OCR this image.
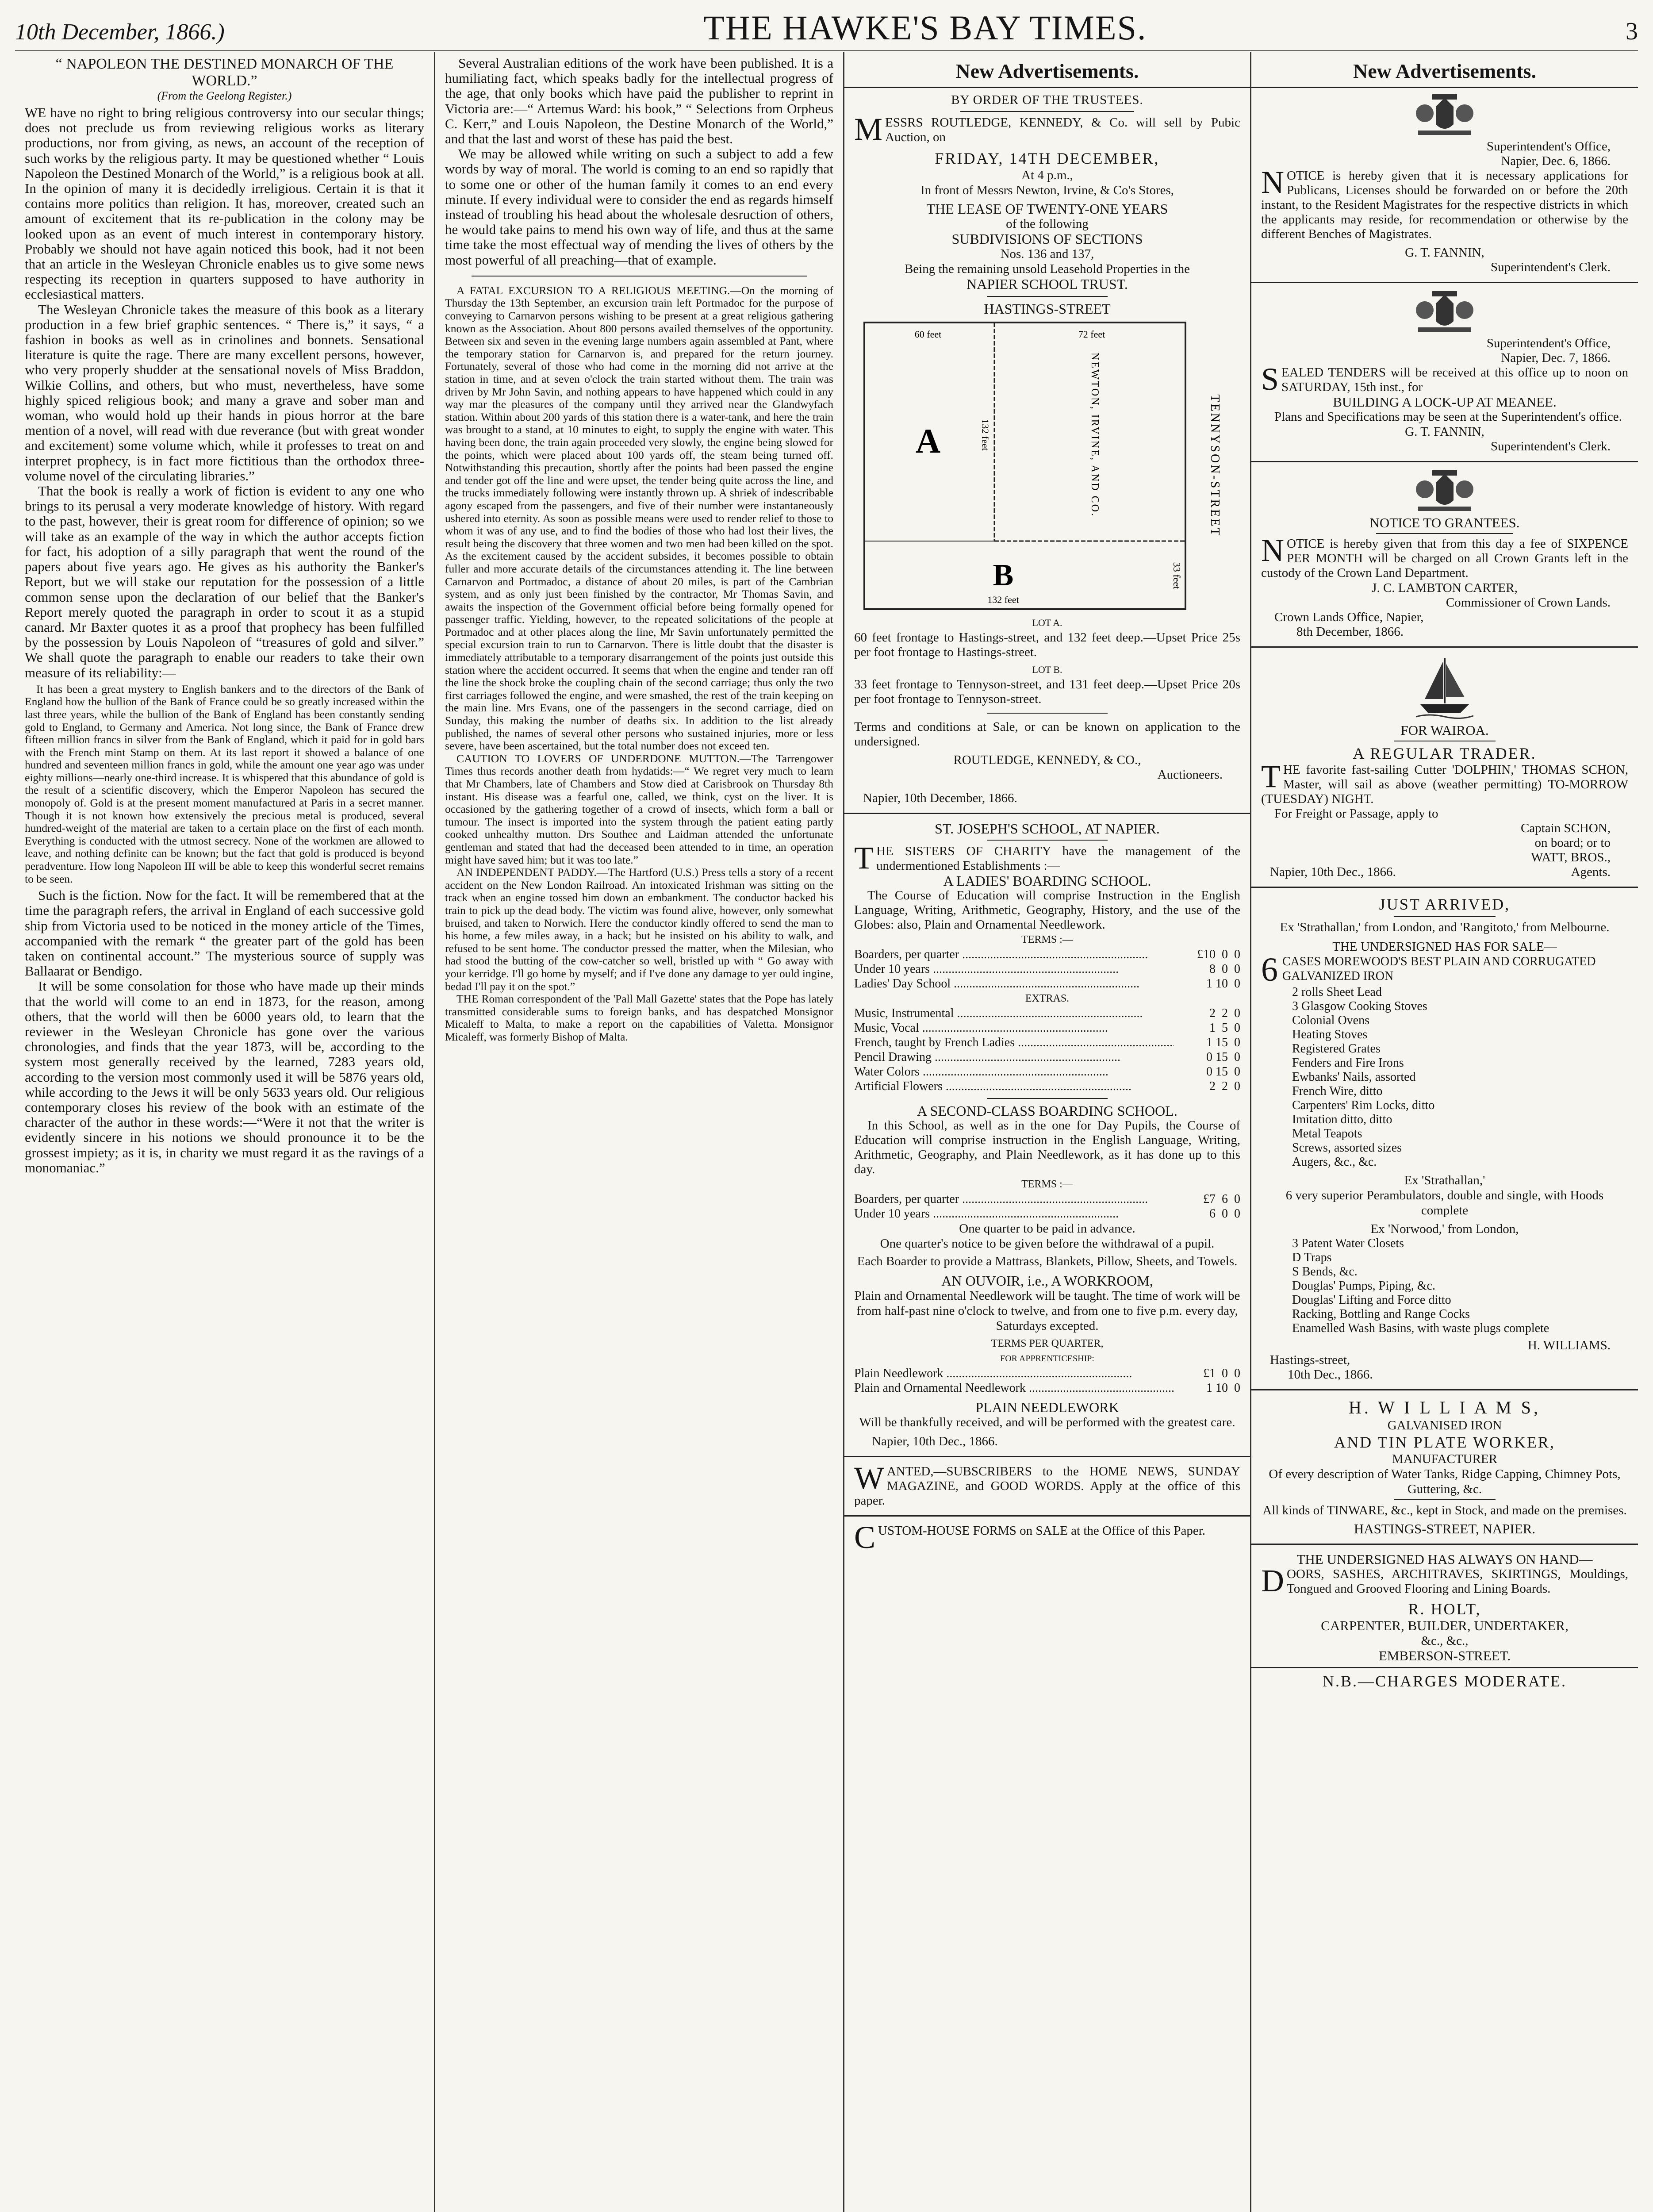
10th December, 1866.)	THE HAWKE'S BAY TIMES.	3
“ NAPOLEON THE DESTINED MONARCH OF THE WORLD.”
(From the Geelong Register.)

WE have no right to bring religious controversy into our secular things; does not preclude us from reviewing religious works as literary productions, nor from giving, as news, an account of the reception of such works by the religious party. It may be questioned whether “ Louis Napoleon the Destined Monarch of the World,” is a religious book at all. In the opinion of many it is decidedly irreligious. Certain it is that it contains more politics than religion. It has, moreover, created such an amount of excitement that its re-publication in the colony may be looked upon as an event of much interest in contemporary history. Probably we should not have again noticed this book, had it not been that an article in the Wesleyan Chronicle enables us to give some news respecting its reception in quarters supposed to have authority in ecclesiastical matters.

The Wesleyan Chronicle takes the measure of this book as a literary production in a few brief graphic sentences. “ There is,” it says, “ a fashion in books as well as in crinolines and bonnets. Sensational literature is quite the rage. There are many excellent persons, however, who very properly shudder at the sensational novels of Miss Braddon, Wilkie Collins, and others, but who must, nevertheless, have some highly spiced religious book; and many a grave and sober man and woman, who would hold up their hands in pious horror at the bare mention of a novel, will read with due reverance (but with great wonder and excitement) some volume which, while it professes to treat on and interpret prophecy, is in fact more fictitious than the orthodox three-volume novel of the circulating libraries.”

That the book is really a work of fiction is evident to any one who brings to its perusal a very moderate knowledge of history. With regard to the past, however, their is great room for difference of opinion; so we will take as an example of the way in which the author accepts fiction for fact, his adoption of a silly paragraph that went the round of the papers about five years ago. He gives as his authority the Banker's Report, but we will stake our reputation for the possession of a little common sense upon the declaration of our belief that the Banker's Report merely quoted the paragraph in order to scout it as a stupid canard. Mr Baxter quotes it as a proof that prophecy has been fulfilled by the possession by Louis Napoleon of “treasures of gold and silver.” We shall quote the paragraph to enable our readers to take their own measure of its reliability:—

It has been a great mystery to English bankers and to the directors of the Bank of England how the bullion of the Bank of France could be so greatly increased within the last three years, while the bullion of the Bank of England has been constantly sending gold to England, to Germany and America. Not long since, the Bank of France drew fifteen million francs in silver from the Bank of England, which it paid for in gold bars with the French mint Stamp on them. At its last report it showed a balance of one hundred and seventeen million francs in gold, while the amount one year ago was under eighty millions—nearly one-third increase. It is whispered that this abundance of gold is the result of a scientific discovery, which the Emperor Napoleon has secured the monopoly of. Gold is at the present moment manufactured at Paris in a secret manner. Though it is not known how extensively the precious metal is produced, several hundred-weight of the material are taken to a certain place on the first of each month. Everything is conducted with the utmost secrecy. None of the workmen are allowed to leave, and nothing definite can be known; but the fact that gold is produced is beyond peradventure. How long Napoleon III will be able to keep this wonderful secret remains to be seen.

Such is the fiction. Now for the fact. It will be remembered that at the time the paragraph refers, the arrival in England of each successive gold ship from Victoria used to be noticed in the money article of the Times, accompanied with the remark “ the greater part of the gold has been taken on continental account.” The mysterious source of supply was Ballaarat or Bendigo.

It will be some consolation for those who have made up their minds that the world will come to an end in 1873, for the reason, among others, that the world will then be 6000 years old, to learn that the reviewer in the Wesleyan Chronicle has gone over the various chronologies, and finds that the year 1873, will be, according to the system most generally received by the learned, 7283 years old, according to the version most commonly used it will be 5876 years old, while according to the Jews it will be only 5633 years old. Our religious contemporary closes his review of the book with an estimate of the character of the author in these words:—“Were it not that the writer is evidently sincere in his notions we should pronounce it to be the grossest impiety; as it is, in charity we must regard it as the ravings of a monomaniac.”

Several Australian editions of the work have been published. It is a humiliating fact, which speaks badly for the intellectual progress of the age, that only books which have paid the publisher to reprint in Victoria are:—“ Artemus Ward: his book,” “ Selections from Orpheus C. Kerr,” and Louis Napoleon, the Destine Monarch of the World,” and that the last and worst of these has paid the best.

We may be allowed while writing on such a subject to add a few words by way of moral. The world is coming to an end so rapidly that to some one or other of the human family it comes to an end every minute. If every individual were to consider the end as regards himself instead of troubling his head about the wholesale desruction of others, he would take pains to mend his own way of life, and thus at the same time take the most effectual way of mending the lives of others by the most powerful of all preaching—that of example.

A FATAL EXCURSION TO A RELIGIOUS MEETING.—On the morning of Thursday the 13th September, an excursion train left Portmadoc for the purpose of conveying to Carnarvon persons wishing to be present at a great religious gathering known as the Association. About 800 persons availed themselves of the opportunity. Between six and seven in the evening large numbers again assembled at Pant, where the temporary station for Carnarvon is, and prepared for the return journey. Fortunately, several of those who had come in the morning did not arrive at the station in time, and at seven o'clock the train started without them. The train was driven by Mr John Savin, and nothing appears to have happened which could in any way mar the pleasures of the company until they arrived near the Glandwyfach station. Within about 200 yards of this station there is a water-tank, and here the train was brought to a stand, at 10 minutes to eight, to supply the engine with water. This having been done, the train again proceeded very slowly, the engine being slowed for the points, which were placed about 100 yards off, the steam being turned off. Notwithstanding this precaution, shortly after the points had been passed the engine and tender got off the line and were upset, the tender being quite across the line, and the trucks immediately following were instantly thrown up. A shriek of indescribable agony escaped from the passengers, and five of their number were instantaneously ushered into eternity. As soon as possible means were used to render relief to those to whom it was of any use, and to find the bodies of those who had lost their lives, the result being the discovery that three women and two men had been killed on the spot. As the excitement caused by the accident subsides, it becomes possible to obtain fuller and more accurate details of the circumstances attending it. The line between Carnarvon and Portmadoc, a distance of about 20 miles, is part of the Cambrian system, and as only just been finished by the contractor, Mr Thomas Savin, and awaits the inspection of the Government official before being formally opened for passenger traffic. Yielding, however, to the repeated solicitations of the people at Portmadoc and at other places along the line, Mr Savin unfortunately permitted the special excursion train to run to Carnarvon. There is little doubt that the disaster is immediately attributable to a temporary disarrangement of the points just outside this station where the accident occurred. It seems that when the engine and tender ran off the line the shock broke the coupling chain of the second carriage; thus only the two first carriages followed the engine, and were smashed, the rest of the train keeping on the main line. Mrs Evans, one of the passengers in the second carriage, died on Sunday, this making the number of deaths six. In addition to the list already published, the names of several other persons who sustained injuries, more or less severe, have been ascertained, but the total number does not exceed ten.

CAUTION TO LOVERS OF UNDERDONE MUTTON.—The Tarrengower Times thus records another death from hydatids:—“ We regret very much to learn that Mr Chambers, late of Chambers and Stow died at Carisbrook on Thursday 8th instant. His disease was a fearful one, called, we think, cyst on the liver. It is occasioned by the gathering together of a crowd of insects, which form a ball or tumour. The insect is imported into the system through the patient eating partly cooked unhealthy mutton. Drs Southee and Laidman attended the unfortunate gentleman and stated that had the deceased been attended to in time, an operation might have saved him; but it was too late.”

AN INDEPENDENT PADDY.—The Hartford (U.S.) Press tells a story of a recent accident on the New London Railroad. An intoxicated Irishman was sitting on the track when an engine tossed him down an embankment. The conductor backed his train to pick up the dead body. The victim was found alive, however, only somewhat bruised, and taken to Norwich. Here the conductor kindly offered to send the man to his home, a few miles away, in a hack; but he insisted on his ability to walk, and refused to be sent home. The conductor pressed the matter, when the Milesian, who had stood the butting of the cow-catcher so well, bristled up with “ Go away with your kerridge. I'll go home by myself; and if I've done any damage to yer ould ingine, bedad I'll pay it on the spot.”

THE Roman correspondent of the 'Pall Mall Gazette' states that the Pope has lately transmitted considerable sums to foreign banks, and has despatched Monsignor Micaleff to Malta, to make a report on the capabilities of Valetta. Monsignor Micaleff, was formerly Bishop of Malta.

New Advertisements.
BY ORDER OF THE TRUSTEES.

MESSRS ROUTLEDGE, KENNEDY, & Co. will sell by Pubic Auction, on

FRIDAY, 14TH DECEMBER,
At 4 p.m.,
In front of Messrs Newton, Irvine, & Co's Stores,
THE LEASE OF TWENTY-ONE YEARS
of the following
SUBDIVISIONS OF SECTIONS
Nos. 136 and 137,
Being the remaining unsold Leasehold Properties in the
NAPIER SCHOOL TRUST.
HASTINGS-STREET
60 feet	72 feet
A	132 feet	NEWTON, IRVINE, AND CO.	TENNYSON-STREET
B
132 feet
33 feet
LOT A.

60 feet frontage to Hastings-street, and 132 feet deep.—Upset Price 25s per foot frontage to Hastings-street.

LOT B.

33 feet frontage to Tennyson-street, and 131 feet deep.—Upset Price 20s per foot frontage to Tennyson-street.

Terms and conditions at Sale, or can be known on application to the undersigned.

ROUTLEDGE, KENNEDY, & CO.,
Auctioneers.
Napier, 10th December, 1866.
ST. JOSEPH'S SCHOOL, AT NAPIER.

THE SISTERS OF CHARITY have the management of the undermentioned Establishments :—

A LADIES' BOARDING SCHOOL.

The Course of Education will comprise Instruction in the English Language, Writing, Arithmetic, Geography, History, and the use of the Globes: also, Plain and Ornamental Needlework.

TERMS :—
Boarders, per quarter .....	£10  0  0
Under 10 years .....	8  0  0
Ladies' Day School .....	1 10  0
EXTRAS.
Music, Instrumental .....	2  2  0
Music, Vocal .....	1  5  0
French, taught by French Ladies .....	1 15  0
Pencil Drawing .....	0 15  0
Water Colors .....	0 15  0
Artificial Flowers .....	2  2  0
A SECOND-CLASS BOARDING SCHOOL.

In this School, as well as in the one for Day Pupils, the Course of Education will comprise instruction in the English Language, Writing, Arithmetic, Geography, and Plain Needlework, as it has done up to this day.

TERMS :—
Boarders, per quarter .....	£7  6  0
Under 10 years .....	6  0  0
One quarter to be paid in advance.
One quarter's notice to be given before the withdrawal of a pupil.
Each Boarder to provide a Mattrass, Blankets, Pillow, Sheets, and Towels.
AN OUVOIR, i.e., A WORKROOM,
Plain and Ornamental Needlework will be taught. The time of work will be from half-past nine o'clock to twelve, and from one to five p.m. every day, Saturdays excepted.
TERMS PER QUARTER,
FOR APPRENTICESHIP:
Plain Needlework .....	£1  0  0
Plain and Ornamental Needlework .....	1 10  0
PLAIN NEEDLEWORK
Will be thankfully received, and will be performed with the greatest care.
Napier, 10th Dec., 1866.

WANTED,—SUBSCRIBERS to the HOME NEWS, SUNDAY MAGAZINE, and GOOD WORDS. Apply at the office of this paper.

CUSTOM-HOUSE FORMS on SALE at the Office of this Paper.

New Advertisements.
Superintendent's Office,
Napier, Dec. 6, 1866.

NOTICE is hereby given that it is necessary applications for Publicans, Licenses should be forwarded on or before the 20th instant, to the Resident Magistrates for the respective districts in which the applicants may reside, for recommendation or otherwise by the different Benches of Magistrates.

G. T. FANNIN,
Superintendent's Clerk.
Superintendent's Office,
Napier, Dec. 7, 1866.

SEALED TENDERS will be received at this office up to noon on SATURDAY, 15th inst., for

BUILDING A LOCK-UP AT MEANEE.

Plans and Specifications may be seen at the Superintendent's office.

G. T. FANNIN,
Superintendent's Clerk.
NOTICE TO GRANTEES.

NOTICE is hereby given that from this day a fee of SIXPENCE PER MONTH will be charged on all Crown Grants left in the custody of the Crown Land Department.

J. C. LAMBTON CARTER,
Commissioner of Crown Lands.
Crown Lands Office, Napier,
8th December, 1866.
FOR WAIROA.
A REGULAR TRADER.

THE favorite fast-sailing Cutter 'DOLPHIN,' THOMAS SCHON, Master, will sail as above (weather permitting) TO-MORROW (TUESDAY) NIGHT.

For Freight or Passage, apply to
Captain SCHON,
on board; or to
WATT, BROS.,
Napier, 10th Dec., 1866.	Agents.
JUST ARRIVED,
Ex 'Strathallan,' from London, and 'Rangitoto,' from Melbourne.
THE UNDERSIGNED HAS FOR SALE—
6 CASES MOREWOOD'S BEST PLAIN AND CORRUGATED GALVANIZED IRON

2 rolls Sheet Lead

3 Glasgow Cooking Stoves

Colonial Ovens

Heating Stoves

Registered Grates

Fenders and Fire Irons

Ewbanks' Nails, assorted

French Wire, ditto

Carpenters' Rim Locks, ditto

Imitation ditto, ditto

Metal Teapots

Screws, assorted sizes

Augers, &c., &c.

Ex 'Strathallan,'
6 very superior Perambulators, double and single, with Hoods complete
Ex 'Norwood,' from London,

3 Patent Water Closets

D Traps

S Bends, &c.

Douglas' Pumps, Piping, &c.

Douglas' Lifting and Force ditto

Racking, Bottling and Range Cocks

Enamelled Wash Basins, with waste plugs complete

H. WILLIAMS.
Hastings-street,
10th Dec., 1866.
H. W I L L I A M S,
GALVANISED IRON
AND TIN PLATE WORKER,
MANUFACTURER
Of every description of Water Tanks, Ridge Capping, Chimney Pots, Guttering, &c.
All kinds of TINWARE, &c., kept in Stock, and made on the premises.
HASTINGS-STREET, NAPIER.
THE UNDERSIGNED HAS ALWAYS ON HAND—

DOORS, SASHES, ARCHITRAVES, SKIRTINGS, Mouldings, Tongued and Grooved Flooring and Lining Boards.

R. HOLT,
CARPENTER, BUILDER, UNDERTAKER,
&c., &c.,
EMBERSON-STREET.
N.B.—CHARGES MODERATE.
